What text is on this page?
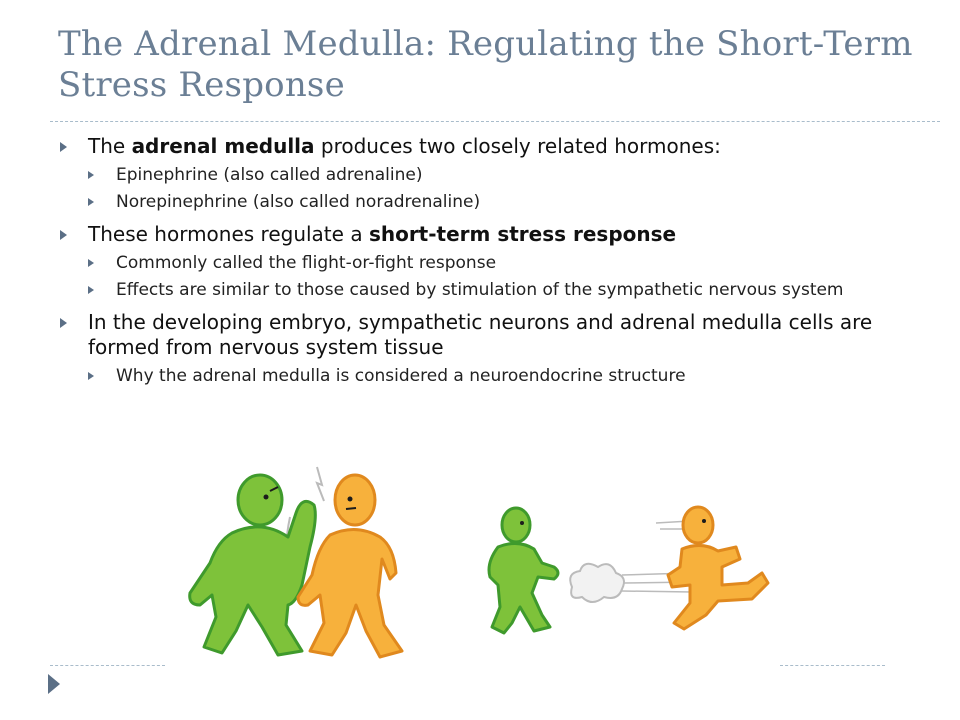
The Adrenal Medulla: Regulating the Short-Term Stress Response
The adrenal medulla produces two closely related hormones:
Epinephrine (also called adrenaline)
Norepinephrine (also called noradrenaline)
These hormones regulate a short-term stress response
Commonly called the flight-or-fight response
Effects are similar to those caused by stimulation of the sympathetic nervous system
In the developing embryo, sympathetic neurons and adrenal medulla cells are formed from nervous system tissue
Why the adrenal medulla is considered a neuroendocrine structure
